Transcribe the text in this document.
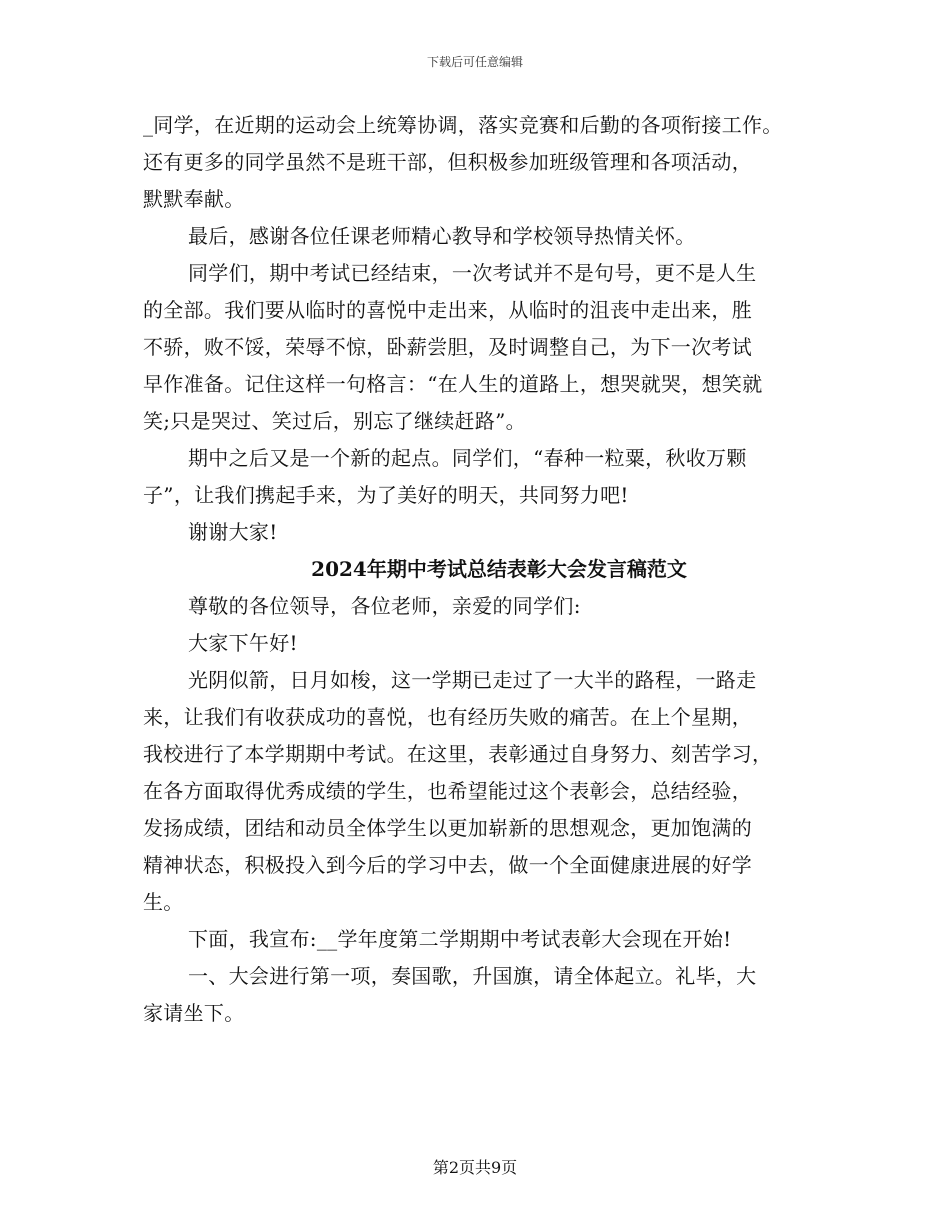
下载后可任意编辑
_同学，在近期的运动会上统筹协调，落实竞赛和后勤的各项衔接工作。
还有更多的同学虽然不是班干部，但积极参加班级管理和各项活动，
默默奉献。
最后，感谢各位任课老师精心教导和学校领导热情关怀。
同学们，期中考试已经结束，一次考试并不是句号，更不是人生
的全部。我们要从临时的喜悦中走出来，从临时的沮丧中走出来，胜
不骄，败不馁，荣辱不惊，卧薪尝胆，及时调整自己，为下一次考试
早作准备。记住这样一句格言：“在人生的道路上，想哭就哭，想笑就
笑;只是哭过、笑过后，别忘了继续赶路”。
期中之后又是一个新的起点。同学们，“春种一粒粟，秋收万颗
子”，让我们携起手来，为了美好的明天，共同努力吧!
谢谢大家!
2024年期中考试总结表彰大会发言稿范文
尊敬的各位领导，各位老师，亲爱的同学们:
大家下午好!
光阴似箭，日月如梭，这一学期已走过了一大半的路程，一路走
来，让我们有收获成功的喜悦，也有经历失败的痛苦。在上个星期，
我校进行了本学期期中考试。在这里，表彰通过自身努力、刻苦学习，
在各方面取得优秀成绩的学生，也希望能过这个表彰会，总结经验，
发扬成绩，团结和动员全体学生以更加崭新的思想观念，更加饱满的
精神状态，积极投入到今后的学习中去，做一个全面健康进展的好学
生。
下面，我宣布:__学年度第二学期期中考试表彰大会现在开始!
一、大会进行第一项，奏国歌，升国旗，请全体起立。礼毕，大
家请坐下。
第2页共9页
